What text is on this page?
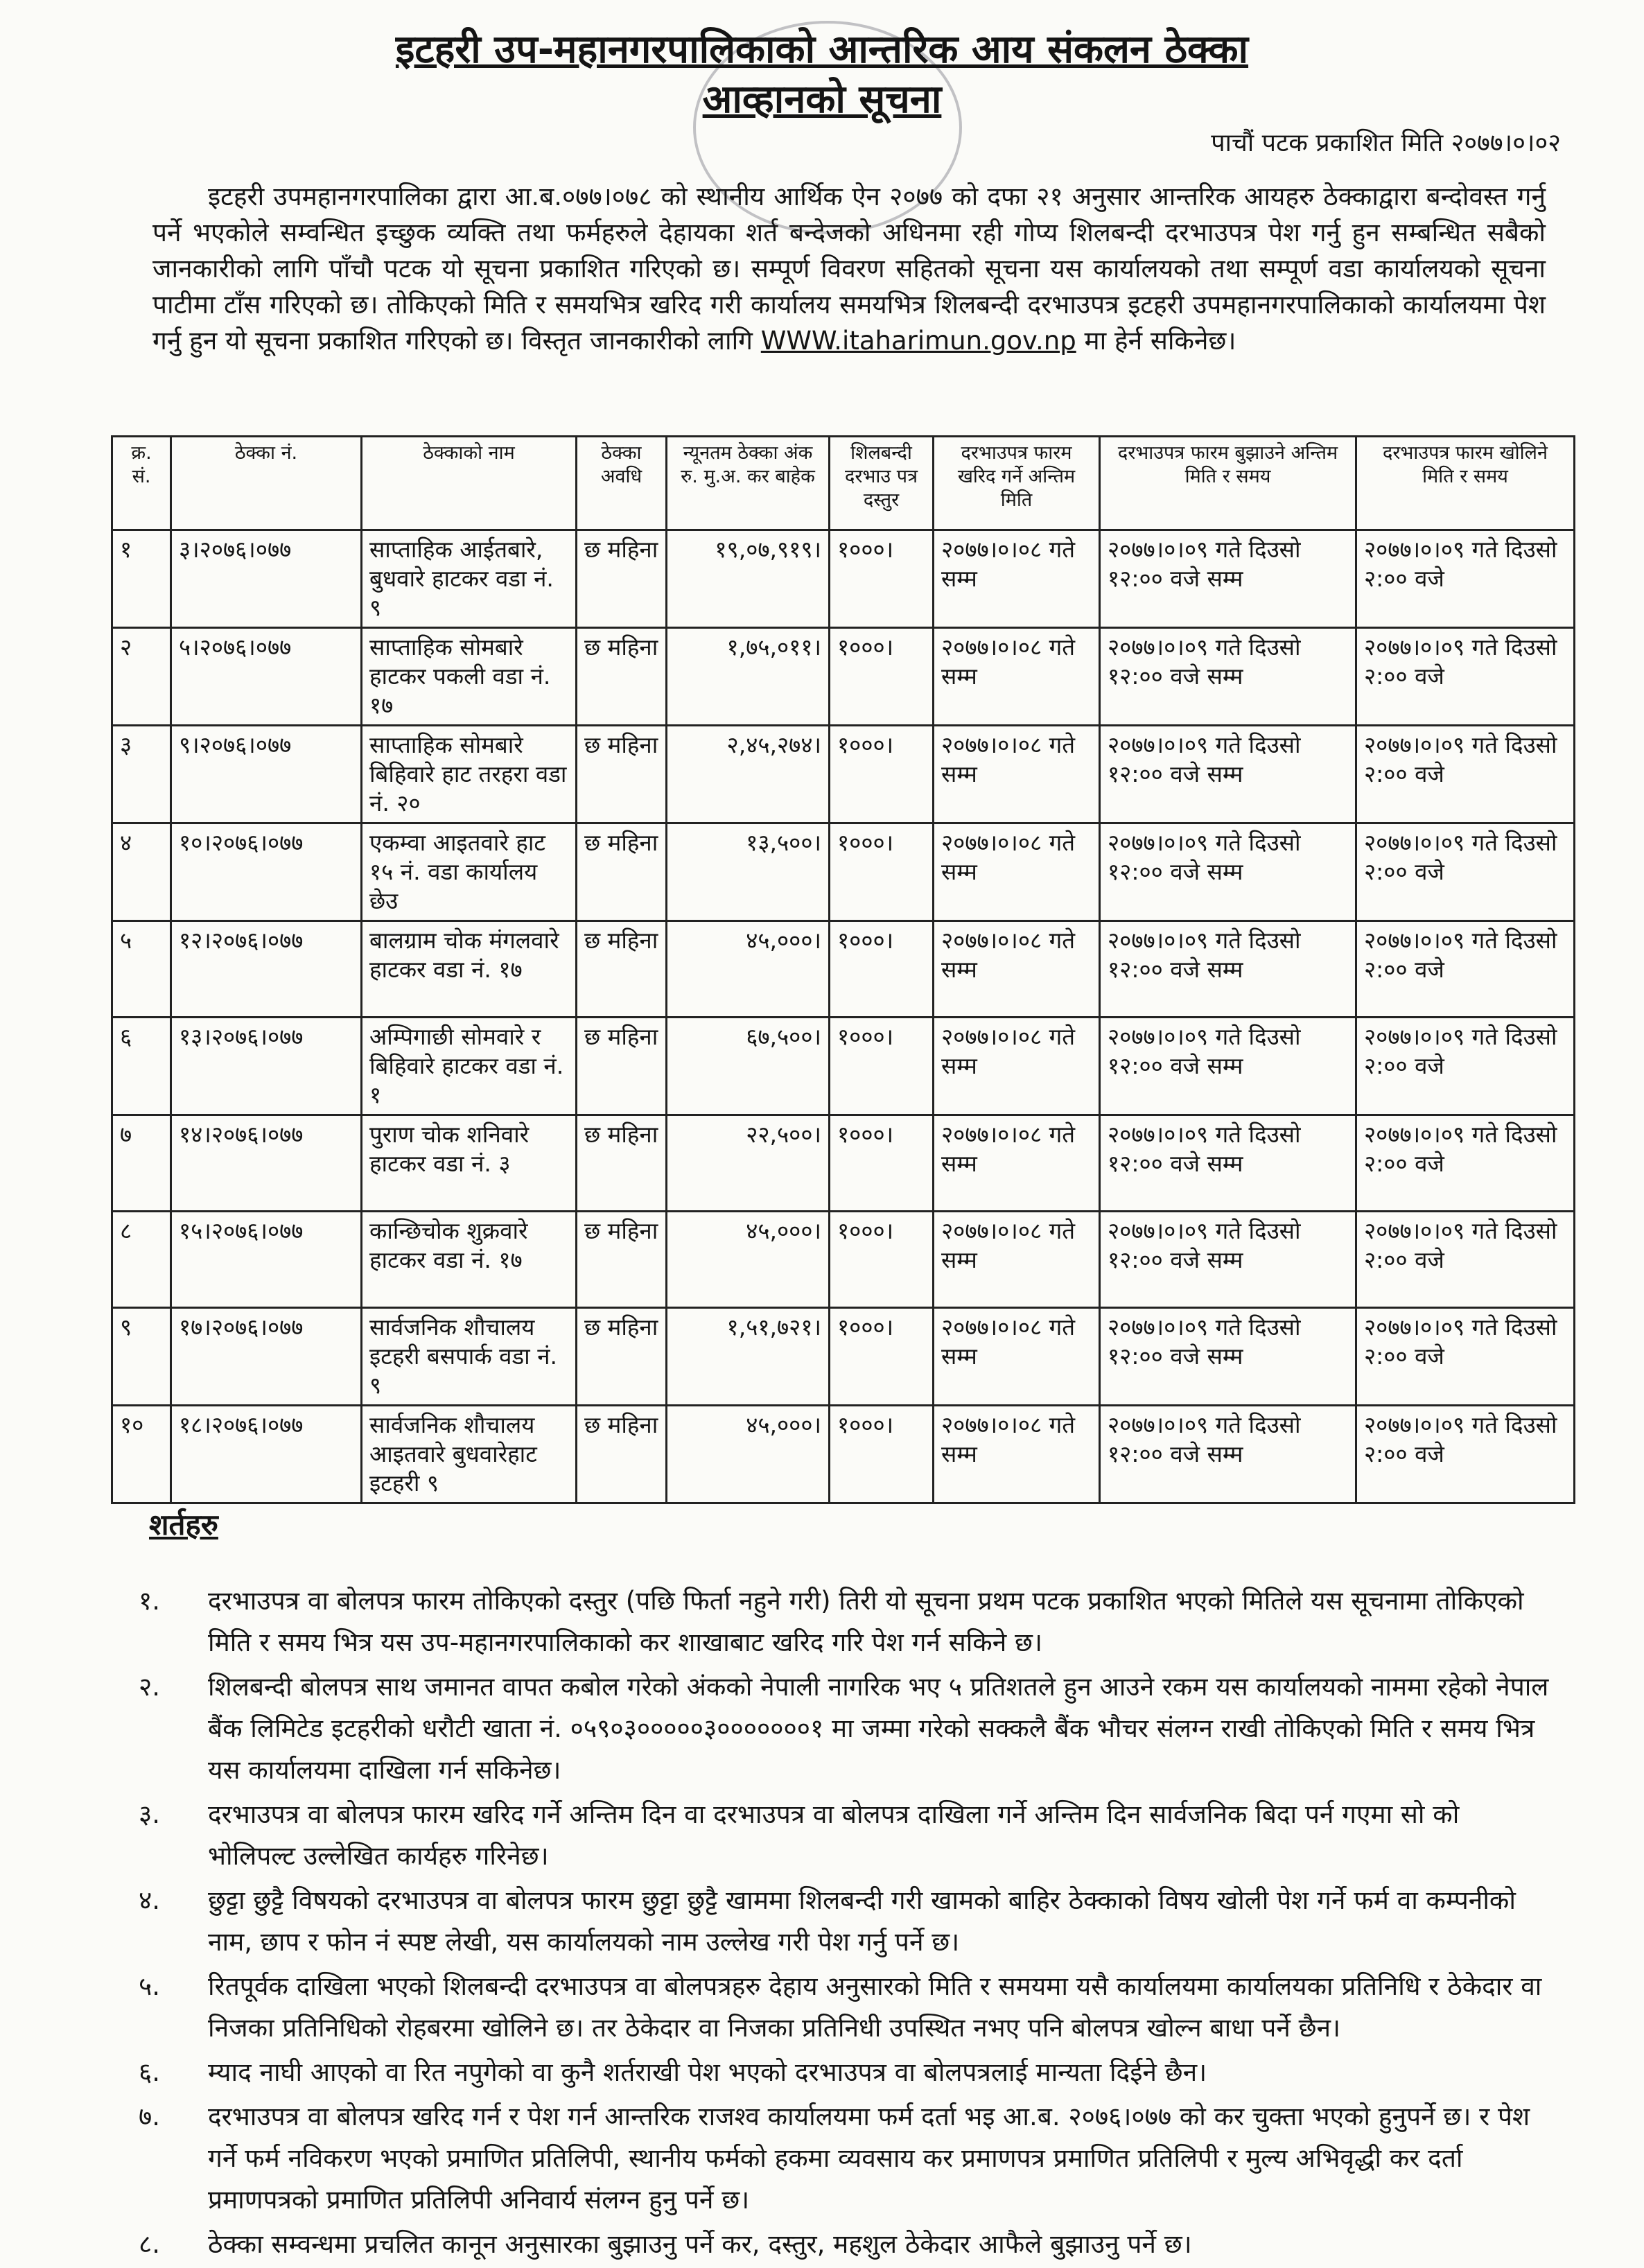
इटहरी उप-महानगरपालिकाको आन्तरिक आय संकलन ठेक्का
आव्हानको सूचना
पाचौं पटक प्रकाशित मिति २०७७।०।०२
इटहरी उपमहानगरपालिका द्वारा आ.ब.०७७।०७८ को स्थानीय आर्थिक ऐन २०७७ को दफा २१ अनुसार आन्तरिक आयहरु ठेक्काद्वारा बन्दोवस्त गर्नु पर्ने भएकोले सम्वन्धित इच्छुक व्यक्ति तथा फर्महरुले देहायका शर्त बन्देजको अधिनमा रही गोप्य शिलबन्दी दरभाउपत्र पेश गर्नु हुन सम्बन्धित सबैको जानकारीको लागि पाँचौ पटक यो सूचना प्रकाशित गरिएको छ। सम्पूर्ण विवरण सहितको सूचना यस कार्यालयको तथा सम्पूर्ण वडा कार्यालयको सूचना पाटीमा टाँस गरिएको छ। तोकिएको मिति र समयभित्र खरिद गरी कार्यालय समयभित्र शिलबन्दी दरभाउपत्र इटहरी उपमहानगरपालिकाको कार्यालयमा पेश गर्नु हुन यो सूचना प्रकाशित गरिएको छ। विस्तृत जानकारीको लागि WWW.itaharimun.gov.np मा हेर्न सकिनेछ।
क्र. सं.	ठेक्का नं.	ठेक्काको नाम	ठेक्का अवधि	न्यूनतम ठेक्का अंक रु. मु.अ. कर बाहेक	शिलबन्दी दरभाउ पत्र दस्तुर	दरभाउपत्र फारम खरिद गर्ने अन्तिम मिति	दरभाउपत्र फारम बुझाउने अन्तिम मिति र समय	दरभाउपत्र फारम खोलिने मिति र समय
१	३।२०७६।०७७	साप्ताहिक आईतबारे, बुधवारे हाटकर वडा नं. ९	छ महिना	१९,०७,९१९।	१०००।	२०७७।०।०८ गते सम्म	२०७७।०।०९ गते दिउसो १२:०० वजे सम्म	२०७७।०।०९ गते दिउसो २:०० वजे
२	५।२०७६।०७७	साप्ताहिक सोमबारे हाटकर पकली वडा नं. १७	छ महिना	१,७५,०११।	१०००।	२०७७।०।०८ गते सम्म	२०७७।०।०९ गते दिउसो १२:०० वजे सम्म	२०७७।०।०९ गते दिउसो २:०० वजे
३	९।२०७६।०७७	साप्ताहिक सोमबारे बिहिवारे हाट तरहरा वडा नं. २०	छ महिना	२,४५,२७४।	१०००।	२०७७।०।०८ गते सम्म	२०७७।०।०९ गते दिउसो १२:०० वजे सम्म	२०७७।०।०९ गते दिउसो २:०० वजे
४	१०।२०७६।०७७	एकम्वा आइतवारे हाट १५ नं. वडा कार्यालय छेउ	छ महिना	१३,५००।	१०००।	२०७७।०।०८ गते सम्म	२०७७।०।०९ गते दिउसो १२:०० वजे सम्म	२०७७।०।०९ गते दिउसो २:०० वजे
५	१२।२०७६।०७७	बालग्राम चोक मंगलवारे हाटकर वडा नं. १७	छ महिना	४५,०००।	१०००।	२०७७।०।०८ गते सम्म	२०७७।०।०९ गते दिउसो १२:०० वजे सम्म	२०७७।०।०९ गते दिउसो २:०० वजे
६	१३।२०७६।०७७	अम्पिगाछी सोमवारे र बिहिवारे हाटकर वडा नं. १	छ महिना	६७,५००।	१०००।	२०७७।०।०८ गते सम्म	२०७७।०।०९ गते दिउसो १२:०० वजे सम्म	२०७७।०।०९ गते दिउसो २:०० वजे
७	१४।२०७६।०७७	पुराण चोक शनिवारे हाटकर वडा नं. ३	छ महिना	२२,५००।	१०००।	२०७७।०।०८ गते सम्म	२०७७।०।०९ गते दिउसो १२:०० वजे सम्म	२०७७।०।०९ गते दिउसो २:०० वजे
८	१५।२०७६।०७७	कान्छिचोक शुक्रवारे हाटकर वडा नं. १७	छ महिना	४५,०००।	१०००।	२०७७।०।०८ गते सम्म	२०७७।०।०९ गते दिउसो १२:०० वजे सम्म	२०७७।०।०९ गते दिउसो २:०० वजे
९	१७।२०७६।०७७	सार्वजनिक शौचालय इटहरी बसपार्क वडा नं. ९	छ महिना	१,५१,७२१।	१०००।	२०७७।०।०८ गते सम्म	२०७७।०।०९ गते दिउसो १२:०० वजे सम्म	२०७७।०।०९ गते दिउसो २:०० वजे
१०	१८।२०७६।०७७	सार्वजनिक शौचालय आइतवारे बुधवारेहाट इटहरी ९	छ महिना	४५,०००।	१०००।	२०७७।०।०८ गते सम्म	२०७७।०।०९ गते दिउसो १२:०० वजे सम्म	२०७७।०।०९ गते दिउसो २:०० वजे
शर्तहरु
१. दरभाउपत्र वा बोलपत्र फारम तोकिएको दस्तुर (पछि फिर्ता नहुने गरी) तिरी यो सूचना प्रथम पटक प्रकाशित भएको मितिले यस सूचनामा तोकिएको मिति र समय भित्र यस उप-महानगरपालिकाको कर शाखाबाट खरिद गरि पेश गर्न सकिने छ।
२. शिलबन्दी बोलपत्र साथ जमानत वापत कबोल गरेको अंकको नेपाली नागरिक भए ५ प्रतिशतले हुन आउने रकम यस कार्यालयको नाममा रहेको नेपाल बैंक लिमिटेड इटहरीको धरौटी खाता नं. ०५९०३०००००३०००००००१ मा जम्मा गरेको सक्कलै बैंक भौचर संलग्न राखी तोकिएको मिति र समय भित्र यस कार्यालयमा दाखिला गर्न सकिनेछ।
३. दरभाउपत्र वा बोलपत्र फारम खरिद गर्ने अन्तिम दिन वा दरभाउपत्र वा बोलपत्र दाखिला गर्ने अन्तिम दिन सार्वजनिक बिदा पर्न गएमा सो को भोलिपल्ट उल्लेखित कार्यहरु गरिनेछ।
४. छुट्टा छुट्टै विषयको दरभाउपत्र वा बोलपत्र फारम छुट्टा छुट्टै खाममा शिलबन्दी गरी खामको बाहिर ठेक्काको विषय खोली पेश गर्ने फर्म वा कम्पनीको नाम, छाप र फोन नं स्पष्ट लेखी, यस कार्यालयको नाम उल्लेख गरी पेश गर्नु पर्ने छ।
५. रितपूर्वक दाखिला भएको शिलबन्दी दरभाउपत्र वा बोलपत्रहरु देहाय अनुसारको मिति र समयमा यसै कार्यालयमा कार्यालयका प्रतिनिधि र ठेकेदार वा निजका प्रतिनिधिको रोहबरमा खोलिने छ। तर ठेकेदार वा निजका प्रतिनिधी उपस्थित नभए पनि बोलपत्र खोल्न बाधा पर्ने छैन।
६. म्याद नाघी आएको वा रित नपुगेको वा कुनै शर्तराखी पेश भएको दरभाउपत्र वा बोलपत्रलाई मान्यता दिईने छैन।
७. दरभाउपत्र वा बोलपत्र खरिद गर्न र पेश गर्न आन्तरिक राजश्व कार्यालयमा फर्म दर्ता भइ आ.ब. २०७६।०७७ को कर चुक्ता भएको हुनुपर्ने छ। र पेश गर्ने फर्म नविकरण भएको प्रमाणित प्रतिलिपी, स्थानीय फर्मको हकमा व्यवसाय कर प्रमाणपत्र प्रमाणित प्रतिलिपी र मुल्य अभिवृद्धी कर दर्ता प्रमाणपत्रको प्रमाणित प्रतिलिपी अनिवार्य संलग्न हुनु पर्ने छ।
८. ठेक्का सम्वन्धमा प्रचलित कानून अनुसारका बुझाउनु पर्ने कर, दस्तुर, महशुल ठेकेदार आफैले बुझाउनु पर्ने छ।
